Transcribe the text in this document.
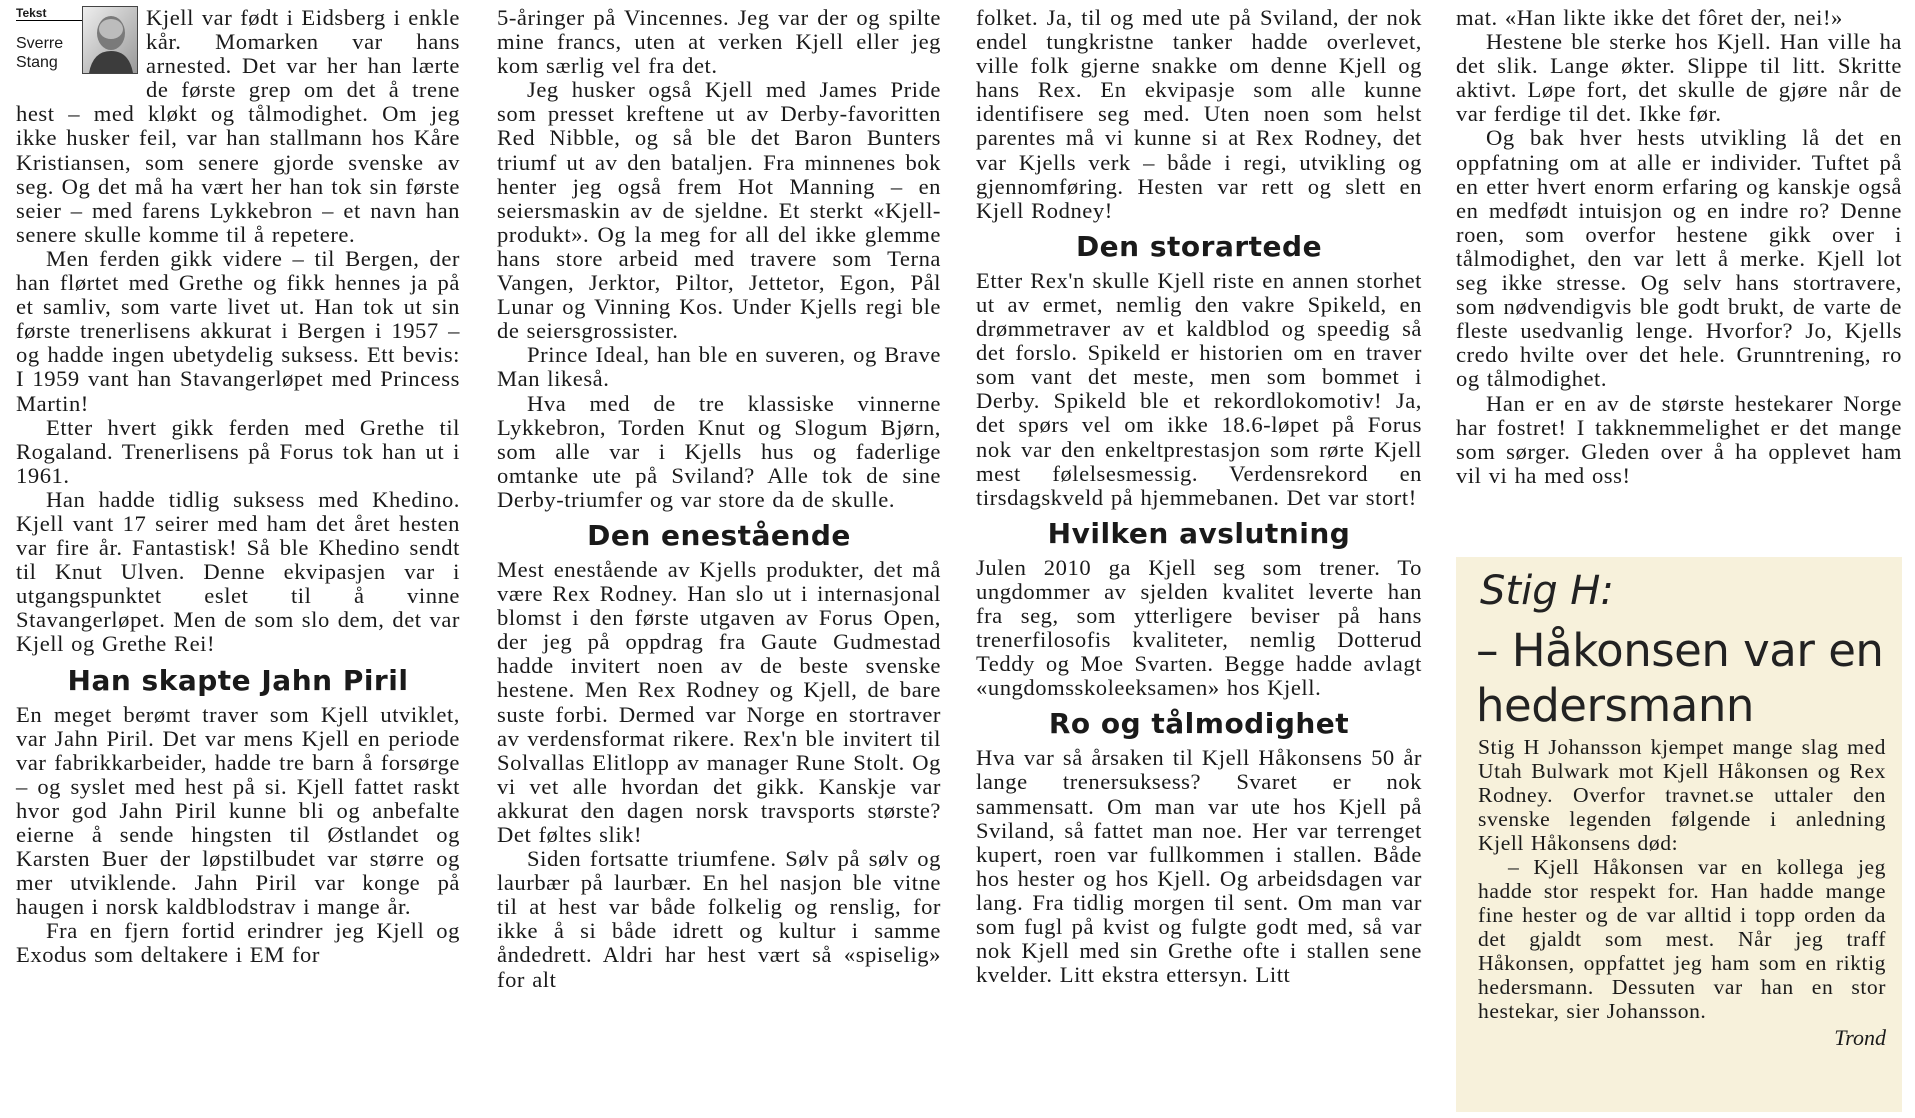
Tekst
Sverre Stang

Kjell var født i Eidsberg i enkle kår. Momarken var hans arnested. Det var her han lærte de første grep om det å trene hest – med kløkt og tålmodighet. Om jeg ikke husker feil, var han stallmann hos Kåre Kristiansen, som senere gjorde svenske av seg. Og det må ha vært her han tok sin første seier – med farens Lykkebron – et navn han senere skulle komme til å repetere.

Men ferden gikk videre – til Bergen, der han flørtet med Grethe og fikk hennes ja på et samliv, som varte livet ut. Han tok ut sin første trenerlisens akkurat i Bergen i 1957 – og hadde ingen ubetydelig suksess. Ett bevis: I 1959 vant han Stavangerløpet med Princess Martin!

Etter hvert gikk ferden med Grethe til Rogaland. Trenerlisens på Forus tok han ut i 1961.

Han hadde tidlig suksess med Khedino. Kjell vant 17 seirer med ham det året hesten var fire år. Fantastisk! Så ble Khedino sendt til Knut Ulven. Denne ekvipasjen var i utgangspunktet eslet til å vinne Stavangerløpet. Men de som slo dem, det var Kjell og Grethe Rei!

Han skapte Jahn Piril

En meget berømt traver som Kjell utviklet, var Jahn Piril. Det var mens Kjell en periode var fabrikkarbeider, hadde tre barn å forsørge – og syslet med hest på si. Kjell fattet raskt hvor god Jahn Piril kunne bli og anbefalte eierne å sende hingsten til Østlandet og Karsten Buer der løpstilbudet var større og mer utviklende. Jahn Piril var konge på haugen i norsk kaldblodstrav i mange år.

Fra en fjern fortid erindrer jeg Kjell og Exodus som deltakere i EM for

5-åringer på Vincennes. Jeg var der og spilte mine francs, uten at verken Kjell eller jeg kom særlig vel fra det.

Jeg husker også Kjell med James Pride som presset kreftene ut av Derby-favoritten Red Nibble, og så ble det Baron Bunters triumf ut av den bataljen. Fra minnenes bok henter jeg også frem Hot Manning – en seiersmaskin av de sjeldne. Et sterkt «Kjell-produkt». Og la meg for all del ikke glemme hans store arbeid med travere som Terna Vangen, Jerktor, Piltor, Jettetor, Egon, Pål Lunar og Vinning Kos. Under Kjells regi ble de seiersgrossister.

Prince Ideal, han ble en suveren, og Brave Man likeså.

Hva med de tre klassiske vinnerne Lykkebron, Torden Knut og Slogum Bjørn, som alle var i Kjells hus og faderlige omtanke ute på Sviland? Alle tok de sine Derby-triumfer og var store da de skulle.

Den enestående

Mest enestående av Kjells produkter, det må være Rex Rodney. Han slo ut i internasjonal blomst i den første utgaven av Forus Open, der jeg på oppdrag fra Gaute Gudmestad hadde invitert noen av de beste svenske hestene. Men Rex Rodney og Kjell, de bare suste forbi. Dermed var Norge en stortraver av verdensformat rikere. Rex'n ble invitert til Solvallas Elitlopp av manager Rune Stolt. Og vi vet alle hvordan det gikk. Kanskje var akkurat den dagen norsk travsports største? Det føltes slik!

Siden fortsatte triumfene. Sølv på sølv og laurbær på laurbær. En hel nasjon ble vitne til at hest var både folkelig og renslig, for ikke å si både idrett og kultur i samme åndedrett. Aldri har hest vært så «spiselig» for alt

folket. Ja, til og med ute på Sviland, der nok endel tungkristne tanker hadde overlevet, ville folk gjerne snakke om denne Kjell og hans Rex. En ekvipasje som alle kunne identifisere seg med. Uten noen som helst parentes må vi kunne si at Rex Rodney, det var Kjells verk – både i regi, utvikling og gjennomføring. Hesten var rett og slett en Kjell Rodney!

Den storartede

Etter Rex'n skulle Kjell riste en annen storhet ut av ermet, nemlig den vakre Spikeld, en drømmetraver av et kaldblod og speedig så det forslo. Spikeld er historien om en traver som vant det meste, men som bommet i Derby. Spikeld ble et rekordlokomotiv! Ja, det spørs vel om ikke 18.6-løpet på Forus nok var den enkeltprestasjon som rørte Kjell mest følelsesmessig. Verdensrekord en tirsdagskveld på hjemmebanen. Det var stort!

Hvilken avslutning

Julen 2010 ga Kjell seg som trener. To ungdommer av sjelden kvalitet leverte han fra seg, som ytterligere beviser på hans trenerfilosofis kvaliteter, nemlig Dotterud Teddy og Moe Svarten. Begge hadde avlagt «ungdomsskoleeksamen» hos Kjell.

Ro og tålmodighet

Hva var så årsaken til Kjell Håkonsens 50 år lange trenersuksess? Svaret er nok sammensatt. Om man var ute hos Kjell på Sviland, så fattet man noe. Her var terrenget kupert, roen var fullkommen i stallen. Både hos hester og hos Kjell. Og arbeidsdagen var lang. Fra tidlig morgen til sent. Om man var som fugl på kvist og fulgte godt med, så var nok Kjell med sin Grethe ofte i stallen sene kvelder. Litt ekstra ettersyn. Litt

mat. «Han likte ikke det fôret der, nei!»

Hestene ble sterke hos Kjell. Han ville ha det slik. Lange økter. Slippe til litt. Skritte aktivt. Løpe fort, det skulle de gjøre når de var ferdige til det. Ikke før.

Og bak hver hests utvikling lå det en oppfatning om at alle er individer. Tuftet på en etter hvert enorm erfaring og kanskje også en medfødt intuisjon og en indre ro? Denne roen, som overfor hestene gikk over i tålmodighet, den var lett å merke. Kjell lot seg ikke stresse. Og selv hans stortravere, som nødvendigvis ble godt brukt, de varte de fleste usedvanlig lenge. Hvorfor? Jo, Kjells credo hvilte over det hele. Grunntrening, ro og tålmodighet.

Han er en av de største hestekarer Norge har fostret! I takknemmelighet er det mange som sørger. Gleden over å ha opplevet ham vil vi ha med oss!

Stig H:
– Håkonsen var en hedersmann

Stig H Johansson kjempet mange slag med Utah Bulwark mot Kjell Håkonsen og Rex Rodney. Overfor travnet.se uttaler den svenske legenden følgende i anledning Kjell Håkonsens død:

– Kjell Håkonsen var en kollega jeg hadde stor respekt for. Han hadde mange fine hester og de var alltid i topp orden da det gjaldt som mest. Når jeg traff Håkonsen, oppfattet jeg ham som en riktig hedersmann. Dessuten var han en stor hestekar, sier Johansson.

Trond
